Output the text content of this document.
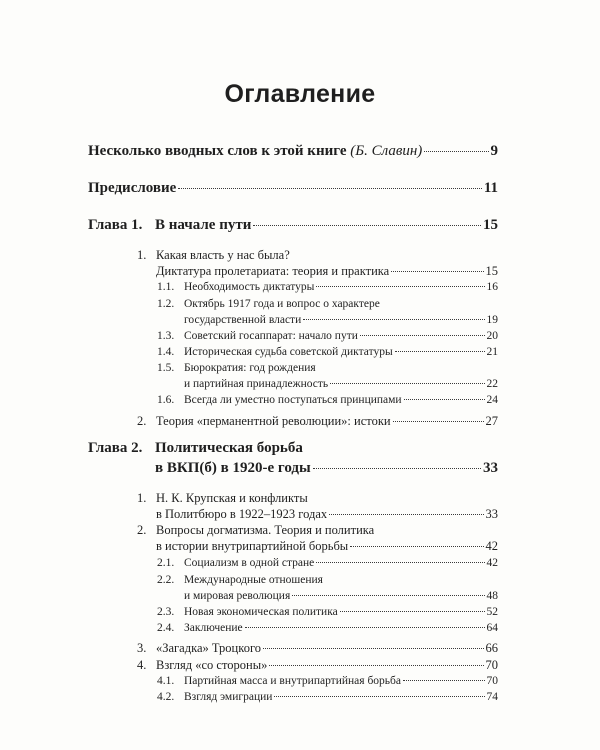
Оглавление
Несколько вводных слов к этой книге
(Б. Славин)	9
Предисловие	11
Глава 1. В начале пути	15
1. Какая власть у нас была?
Диктатура пролетариата: теория и практика	15
1.1. Необходимость диктатуры	16
1.2. Октябрь 1917 года и вопрос о характере
государственной власти	19
1.3. Советский госаппарат: начало пути	20
1.4. Историческая судьба советской диктатуры	21
1.5. Бюрократия: год рождения
и партийная принадлежность	22
1.6. Всегда ли уместно поступаться принципами	24
2. Теория «перманентной революции»: истоки	27
Глава 2. Политическая борьба
в ВКП(б) в 1920-е годы	33
1. Н. К. Крупская и конфликты
в Политбюро в 1922–1923 годах	33
2. Вопросы догматизма. Теория и политика
в истории внутрипартийной борьбы	42
2.1. Социализм в одной стране	42
2.2. Международные отношения
и мировая революция	48
2.3. Новая экономическая политика	52
2.4. Заключение	64
3. «Загадка» Троцкого	66
4. Взгляд «со стороны»	70
4.1. Партийная масса и внутрипартийная борьба	70
4.2. Взгляд эмиграции	74
